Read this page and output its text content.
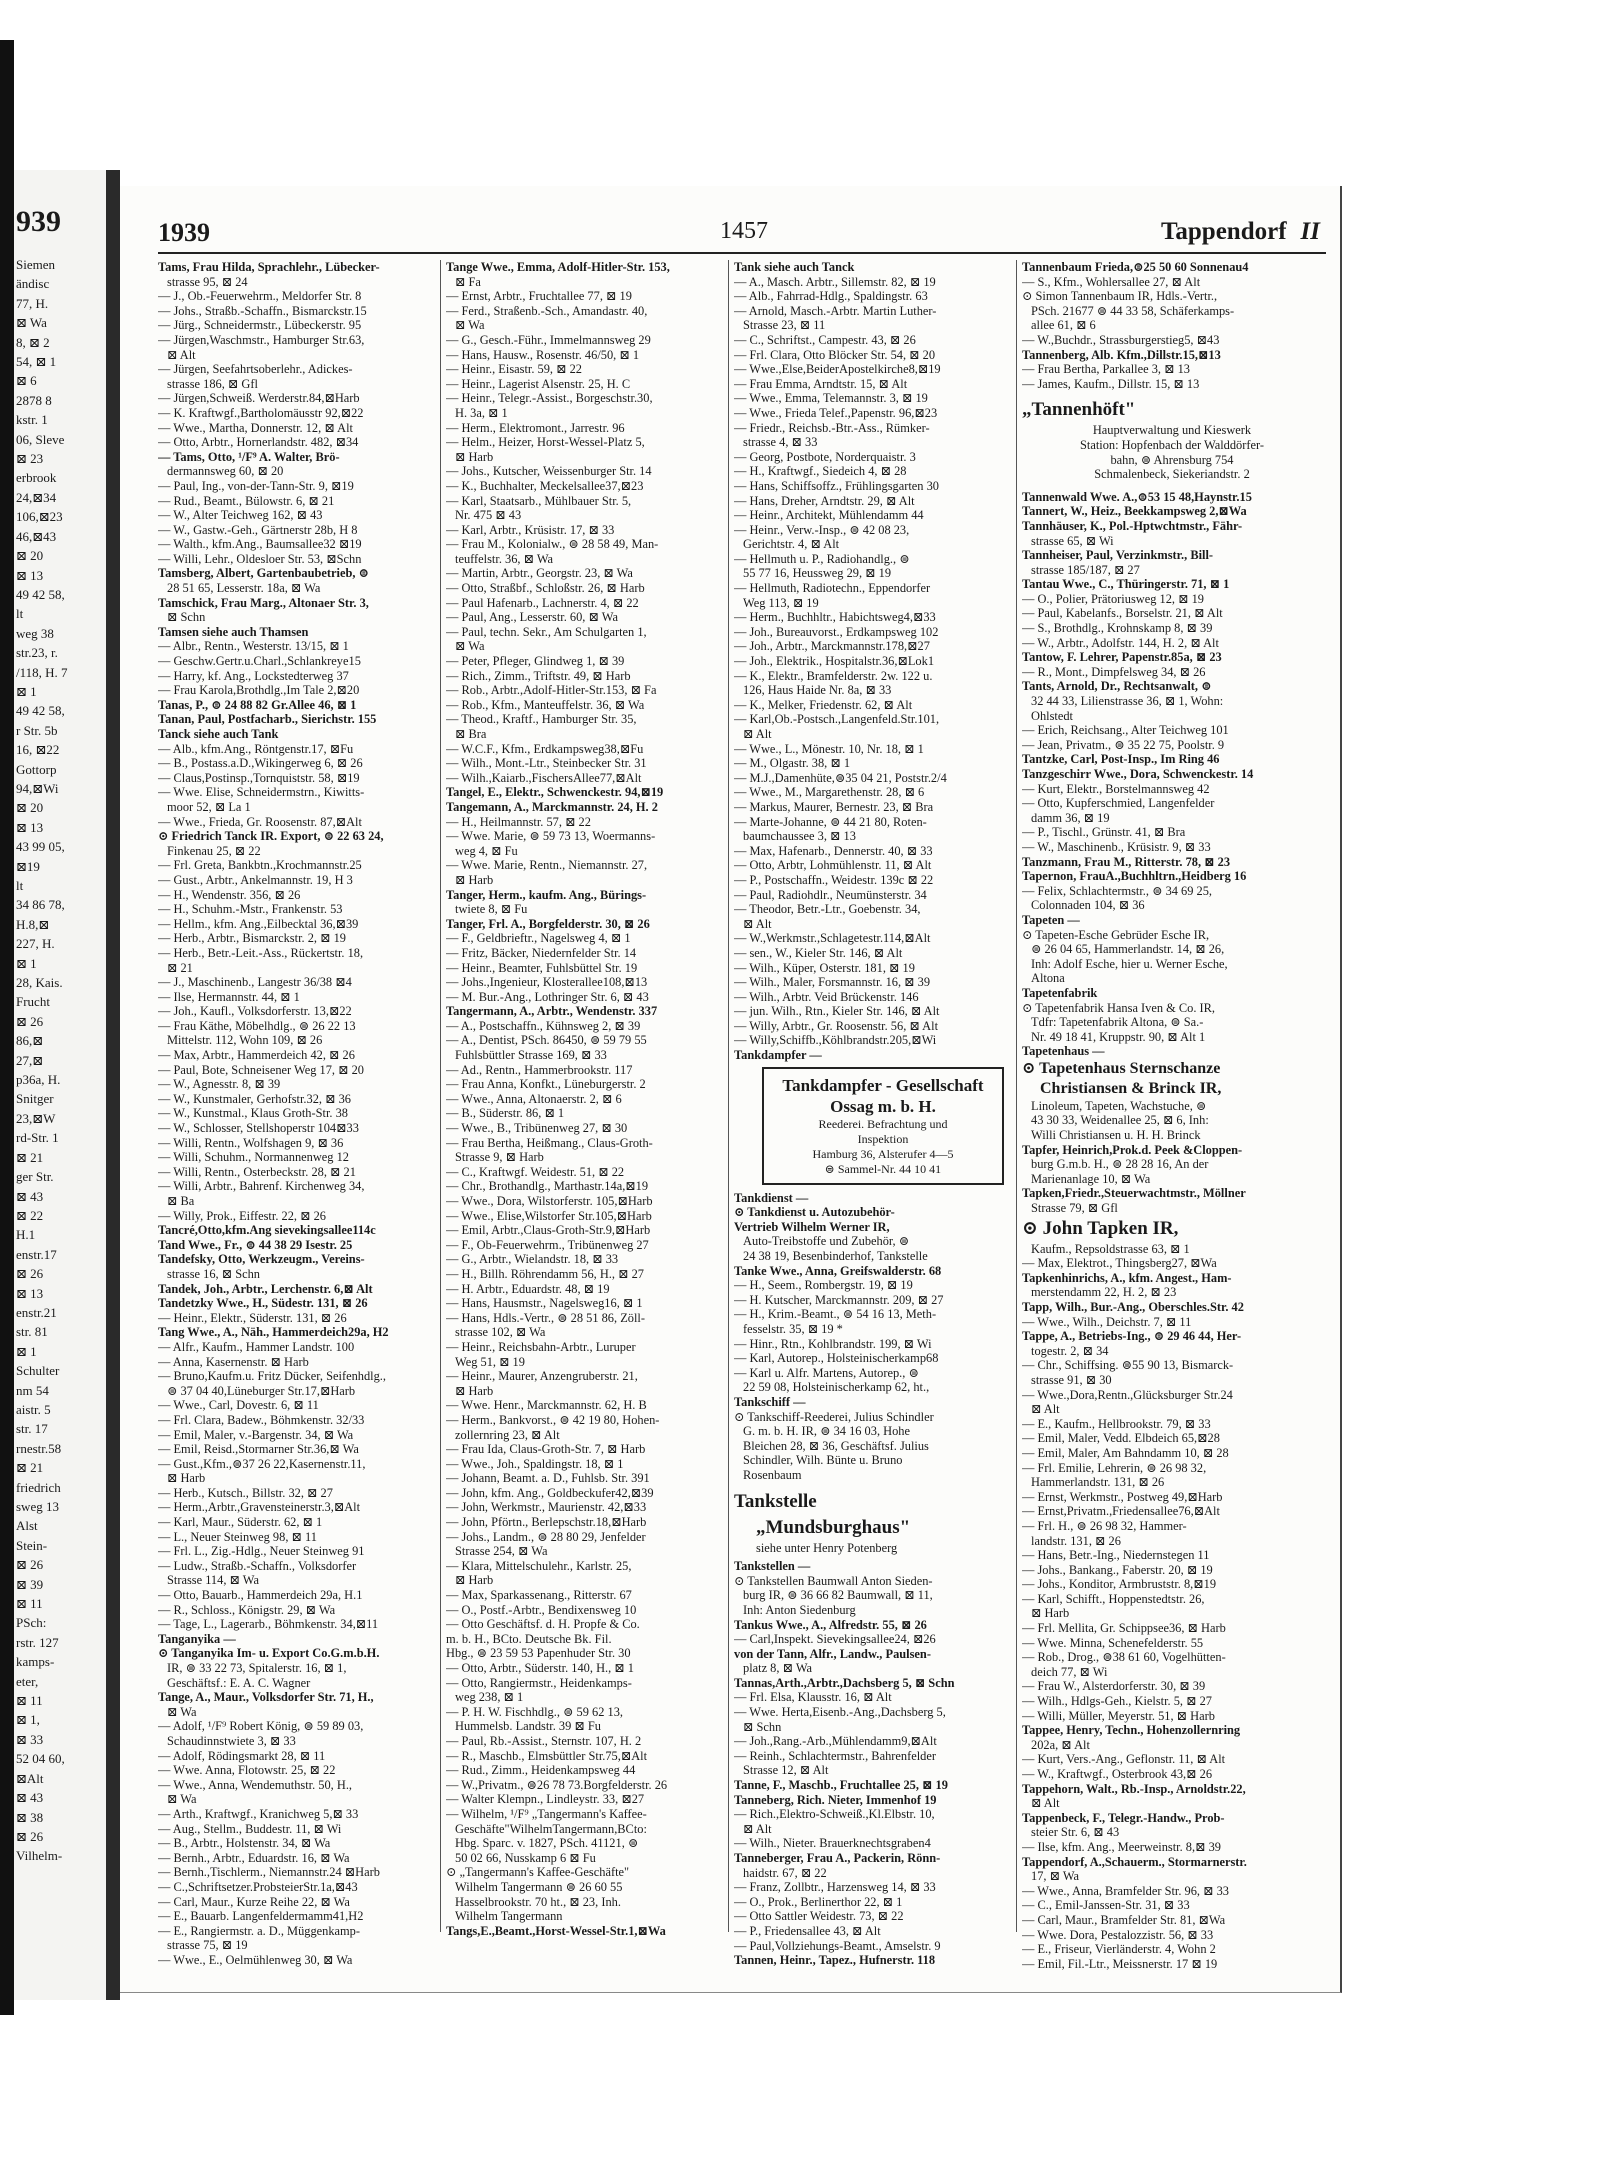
939
Siemen
ändisc
77, H.
⊠ Wa
8, ⊠ 2
54, ⊠ 1
⊠ 6
2878 8
kstr. 1
06, Sleve
⊠ 23
erbrook
24,⊠34
106,⊠23
46,⊠43
⊠ 20
⊠ 13
49 42 58,
lt
weg 38
str.23, r.
/118, H. 7
⊠ 1
49 42 58,
r Str. 5b
16, ⊠22
Gottorp
94,⊠Wi
⊠ 20
⊠ 13
43 99 05,
⊠19
lt
34 86 78,
H.8,⊠
227, H.
⊠ 1
28, Kais.
Frucht
⊠ 26
86,⊠
27,⊠
p36a, H.
Snitger
23,⊠W
rd-Str. 1
⊠ 21
ger Str.
⊠ 43
⊠ 22
H.1
enstr.17
⊠ 26
⊠ 13
enstr.21
str. 81
⊠ 1
Schulter
nm 54
aistr. 5
str. 17
rnestr.58
⊠ 21
friedrich
sweg 13
Alst
Stein-
⊠ 26
⊠ 39
⊠ 11
PSch:
rstr. 127
kamps-
eter,
⊠ 11
⊠ 1,
⊠ 33
52 04 60,
⊠Alt
⊠ 43
⊠ 38
⊠ 26
Vilhelm-
1939	1457	Tappendorf II
Tams, Frau Hilda, Sprachlehr., Lübecker-
strasse 95, ⊠ 24
— J., Ob.-Feuerwehrm., Meldorfer Str. 8
— Johs., Straßb.-Schaffn., Bismarckstr.15
— Jürg., Schneidermstr., Lübeckerstr. 95
— Jürgen,Waschmstr., Hamburger Str.63,
⊠ Alt
— Jürgen, Seefahrtsoberlehr., Adickes-
strasse 186, ⊠ Gfl
— Jürgen,Schweiß. Werderstr.84,⊠Harb
— K. Kraftwgf.,Bartholomäusstr 92,⊠22
— Wwe., Martha, Donnerstr. 12, ⊠ Alt
— Otto, Arbtr., Hornerlandstr. 482, ⊠34
— Tams, Otto, ¹/F⁹ A. Walter, Brö-
dermannsweg 60, ⊠ 20
— Paul, Ing., von-der-Tann-Str. 9, ⊠19
— Rud., Beamt., Bülowstr. 6, ⊠ 21
— W., Alter Teichweg 162, ⊠ 43
— W., Gastw.-Geh., Gärtnerstr 28b, H 8
— Walth., kfm.Ang., Baumsallee32 ⊠19
— Willi, Lehr., Oldesloer Str. 53, ⊠Schn
Tamsberg, Albert, Gartenbaubetrieb, ⊜
28 51 65, Lesserstr. 18a, ⊠ Wa
Tamschick, Frau Marg., Altonaer Str. 3,
⊠ Schn
Tamsen siehe auch Thamsen
— Albr., Rentn., Westerstr. 13/15, ⊠ 1
— Geschw.Gertr.u.Charl.,Schlankreye15
— Harry, kf. Ang., Lockstedterweg 37
— Frau Karola,Brothdlg.,Im Tale 2,⊠20
Tanas, P., ⊜ 24 88 82 Gr.Allee 46, ⊠ 1
Tanan, Paul, Postfacharb., Sierichstr. 155
Tanck siehe auch Tank
— Alb., kfm.Ang., Röntgenstr.17, ⊠Fu
— B., Postass.a.D.,Wikingerweg 6, ⊠ 26
— Claus,Postinsp.,Tornquiststr. 58, ⊠19
— Wwe. Elise, Schneidermstrn., Kiwitts-
moor 52, ⊠ La 1
— Wwe., Frieda, Gr. Roosenstr. 87,⊠Alt
⊙ Friedrich Tanck IR. Export, ⊜ 22 63 24,
Finkenau 25, ⊠ 22
— Frl. Greta, Bankbtn.,Krochmannstr.25
— Gust., Arbtr., Ankelmannstr. 19, H 3
— H., Wendenstr. 356, ⊠ 26
— H., Schuhm.-Mstr., Frankenstr. 53
— Hellm., kfm. Ang.,Eilbecktal 36,⊠39
— Herb., Arbtr., Bismarckstr. 2, ⊠ 19
— Herb., Betr.-Leit.-Ass., Rückertstr. 18,
⊠ 21
— J., Maschinenb., Langestr 36/38 ⊠4
— Ilse, Hermannstr. 44, ⊠ 1
— Joh., Kaufl., Volksdorferstr. 13,⊠22
— Frau Käthe, Möbelhdlg., ⊜ 26 22 13
Mittelstr. 112, Wohn 109, ⊠ 26
— Max, Arbtr., Hammerdeich 42, ⊠ 26
— Paul, Bote, Schneisener Weg 17, ⊠ 20
— W., Agnesstr. 8, ⊠ 39
— W., Kunstmaler, Gerhofstr.32, ⊠ 36
— W., Kunstmal., Klaus Groth-Str. 38
— W., Schlosser, Stellshoperstr 104⊠33
— Willi, Rentn., Wolfshagen 9, ⊠ 36
— Willi, Schuhm., Normannenweg 12
— Willi, Rentn., Osterbeckstr. 28, ⊠ 21
— Willi, Arbtr., Bahrenf. Kirchenweg 34,
⊠ Ba
— Willy, Prok., Eiffestr. 22, ⊠ 26
Tancré,Otto,kfm.Ang sievekingsallee114c
Tand Wwe., Fr., ⊜ 44 38 29 Isestr. 25
Tandefsky, Otto, Werkzeugm., Vereins-
strasse 16, ⊠ Schn
Tandek, Joh., Arbtr., Lerchenstr. 6,⊠ Alt
Tandetzky Wwe., H., Südestr. 131, ⊠ 26
— Heinr., Elektr., Süderstr. 131, ⊠ 26
Tang Wwe., A., Näh., Hammerdeich29a, H2
— Alfr., Kaufm., Hammer Landstr. 100
— Anna, Kasernenstr. ⊠ Harb
— Bruno,Kaufm.u. Fritz Dücker, Seifenhdlg.,
⊜ 37 04 40,Lüneburger Str.17,⊠Harb
— Wwe., Carl, Dovestr. 6, ⊠ 11
— Frl. Clara, Badew., Böhmkenstr. 32/33
— Emil, Maler, v.-Bargenstr. 34, ⊠ Wa
— Emil, Reisd.,Stormarner Str.36,⊠ Wa
— Gust.,Kfm.,⊜37 26 22,Kasernenstr.11,
⊠ Harb
— Herb., Kutsch., Billstr. 32, ⊠ 27
— Herm.,Arbtr.,Gravensteinerstr.3,⊠Alt
— Karl, Maur., Süderstr. 62, ⊠ 1
— L., Neuer Steinweg 98, ⊠ 11
— Frl. L., Zig.-Hdlg., Neuer Steinweg 91
— Ludw., Straßb.-Schaffn., Volksdorfer
Strasse 114, ⊠ Wa
— Otto, Bauarb., Hammerdeich 29a, H.1
— R., Schloss., Königstr. 29, ⊠ Wa
— Tage, L., Lagerarb., Böhmkenstr. 34,⊠11
Tanganyika —
⊙ Tanganyika Im- u. Export Co.G.m.b.H.
IR, ⊜ 33 22 73, Spitalerstr. 16, ⊠ 1,
Geschäftsf.: E. A. C. Wagner
Tange, A., Maur., Volksdorfer Str. 71, H.,
⊠ Wa
— Adolf, ¹/F⁹ Robert König, ⊜ 59 89 03,
Schaudinnstwiete 3, ⊠ 33
— Adolf, Rödingsmarkt 28, ⊠ 11
— Wwe. Anna, Flotowstr. 25, ⊠ 22
— Wwe., Anna, Wendemuthstr. 50, H.,
⊠ Wa
— Arth., Kraftwgf., Kranichweg 5,⊠ 33
— Aug., Stellm., Buddestr. 11, ⊠ Wi
— B., Arbtr., Holstenstr. 34, ⊠ Wa
— Bernh., Arbtr., Eduardstr. 16, ⊠ Wa
— Bernh.,Tischlerm., Niemannstr.24 ⊠Harb
— C.,Schriftsetzer.ProbsteierStr.1a,⊠43
— Carl, Maur., Kurze Reihe 22, ⊠ Wa
— E., Bauarb. Langenfeldermamm41,H2
— E., Rangiermstr. a. D., Müggenkamp-
strasse 75, ⊠ 19
— Wwe., E., Oelmühlenweg 30, ⊠ Wa
Tange Wwe., Emma, Adolf-Hitler-Str. 153,
⊠ Fa
— Ernst, Arbtr., Fruchtallee 77, ⊠ 19
— Ferd., Straßenb.-Sch., Amandastr. 40,
⊠ Wa
— G., Gesch.-Führ., Immelmannsweg 29
— Hans, Hausw., Rosenstr. 46/50, ⊠ 1
— Heinr., Eisastr. 59, ⊠ 22
— Heinr., Lagerist Alsenstr. 25, H. C
— Heinr., Telegr.-Assist., Borgeschstr.30,
H. 3a, ⊠ 1
— Herm., Elektromont., Jarrestr. 96
— Helm., Heizer, Horst-Wessel-Platz 5,
⊠ Harb
— Johs., Kutscher, Weissenburger Str. 14
— K., Buchhalter, Meckelsallee37,⊠23
— Karl, Staatsarb., Mühlbauer Str. 5,
Nr. 475 ⊠ 43
— Karl, Arbtr., Krüsistr. 17, ⊠ 33
— Frau M., Kolonialw., ⊜ 28 58 49, Man-
teuffelstr. 36, ⊠ Wa
— Martin, Arbtr., Georgstr. 23, ⊠ Wa
— Otto, Straßbf., Schloßstr. 26, ⊠ Harb
— Paul Hafenarb., Lachnerstr. 4, ⊠ 22
— Paul, Ang., Lesserstr. 60, ⊠ Wa
— Paul, techn. Sekr., Am Schulgarten 1,
⊠ Wa
— Peter, Pfleger, Glindweg 1, ⊠ 39
— Rich., Zimm., Triftstr. 49, ⊠ Harb
— Rob., Arbtr.,Adolf-Hitler-Str.153, ⊠ Fa
— Rob., Kfm., Manteuffelstr. 36, ⊠ Wa
— Theod., Kraftf., Hamburger Str. 35,
⊠ Bra
— W.C.F., Kfm., Erdkampsweg38,⊠Fu
— Wilh., Mont.-Ltr., Steinbecker Str. 31
— Wilh.,Kaiarb.,FischersAllee77,⊠Alt
Tangel, E., Elektr., Schwenckestr. 94,⊠19
Tangemann, A., Marckmannstr. 24, H. 2
— H., Heilmannstr. 57, ⊠ 22
— Wwe. Marie, ⊜ 59 73 13, Woermanns-
weg 4, ⊠ Fu
— Wwe. Marie, Rentn., Niemannstr. 27,
⊠ Harb
Tanger, Herm., kaufm. Ang., Bürings-
twiete 8, ⊠ Fu
Tanger, Frl. A., Borgfelderstr. 30, ⊠ 26
— F., Geldbrieftr., Nagelsweg 4, ⊠ 1
— Fritz, Bäcker, Niedernfelder Str. 14
— Heinr., Beamter, Fuhlsbüttel Str. 19
— Johs.,Ingenieur, Klosterallee108,⊠13
— M. Bur.-Ang., Lothringer Str. 6, ⊠ 43
Tangermann, A., Arbtr., Wendenstr. 337
— A., Postschaffn., Kühnsweg 2, ⊠ 39
— A., Dentist, PSch. 86450, ⊜ 59 79 55
Fuhlsbüttler Strasse 169, ⊠ 33
— Ad., Rentn., Hammerbrookstr. 117
— Frau Anna, Konfkt., Lüneburgerstr. 2
— Wwe., Anna, Altonaerstr. 2, ⊠ 6
— B., Süderstr. 86, ⊠ 1
— Wwe., B., Tribünenweg 27, ⊠ 30
— Frau Bertha, Heißmang., Claus-Groth-
Strasse 9, ⊠ Harb
— C., Kraftwgf. Weidestr. 51, ⊠ 22
— Chr., Brothandlg., Marthastr.14a,⊠19
— Wwe., Dora, Wilstorferstr. 105,⊠Harb
— Wwe., Elise,Wilstorfer Str.105,⊠Harb
— Emil, Arbtr.,Claus-Groth-Str.9,⊠Harb
— F., Ob-Feuerwehrm., Tribünenweg 27
— G., Arbtr., Wielandstr. 18, ⊠ 33
— H., Billh. Röhrendamm 56, H., ⊠ 27
— H. Arbtr., Eduardstr. 48, ⊠ 19
— Hans, Hausmstr., Nagelsweg16, ⊠ 1
— Hans, Hdls.-Vertr., ⊜ 28 51 86, Zöll-
strasse 102, ⊠ Wa
— Heinr., Reichsbahn-Arbtr., Luruper
Weg 51, ⊠ 19
— Heinr., Maurer, Anzengruberstr. 21,
⊠ Harb
— Wwe. Henr., Marckmannstr. 62, H. B
— Herm., Bankvorst., ⊜ 42 19 80, Hohen-
zollernring 23, ⊠ Alt
— Frau Ida, Claus-Groth-Str. 7, ⊠ Harb
— Wwe., Joh., Spaldingstr. 18, ⊠ 1
— Johann, Beamt. a. D., Fuhlsb. Str. 391
— John, kfm. Ang., Goldbeckufer42,⊠39
— John, Werkmstr., Maurienstr. 42,⊠33
— John, Pförtn., Berlepschstr.18,⊠Harb
— Johs., Landm., ⊜ 28 80 29, Jenfelder
Strasse 254, ⊠ Wa
— Klara, Mittelschulehr., Karlstr. 25,
⊠ Harb
— Max, Sparkassenang., Ritterstr. 67
— O., Postf.-Arbtr., Bendixensweg 10
— Otto Geschäftsf. d. H. Propfe & Co.
m. b. H., BCto. Deutsche Bk. Fil.
Hbg., ⊜ 23 59 53 Papenhuder Str. 30
— Otto, Arbtr., Süderstr. 140, H., ⊠ 1
— Otto, Rangiermstr., Heidenkamps-
weg 238, ⊠ 1
— P. H. W. Fischhdlg., ⊜ 59 62 13,
Hummelsb. Landstr. 39 ⊠ Fu
— Paul, Rb.-Assist., Sternstr. 107, H. 2
— R., Maschb., Elmsbüttler Str.75,⊠Alt
— Rud., Zimm., Heidenkampsweg 44
— W.,Privatm., ⊜26 78 73.Borgfelderstr. 26
— Walter Klempn., Lindleystr. 33, ⊠27
— Wilhelm, ¹/F⁹ „Tangermann's Kaffee-
Geschäfte"WilhelmTangermann,BCto:
Hbg. Sparc. v. 1827, PSch. 41121, ⊜
50 02 66, Nusskamp 6 ⊠ Fu
⊙ „Tangermann's Kaffee-Geschäfte"
Wilhelm Tangermann ⊜ 26 60 55
Hasselbrookstr. 70 ht., ⊠ 23, Inh.
Wilhelm Tangermann
Tangs,E.,Beamt.,Horst-Wessel-Str.1,⊠Wa
Tank siehe auch Tanck
— A., Masch. Arbtr., Sillemstr. 82, ⊠ 19
— Alb., Fahrrad-Hdlg., Spaldingstr. 63
— Arnold, Masch.-Arbtr. Martin Luther-
Strasse 23, ⊠ 11
— C., Schriftst., Campestr. 43, ⊠ 26
— Frl. Clara, Otto Blöcker Str. 54, ⊠ 20
— Wwe.,Else,BeiderApostelkirche8,⊠19
— Frau Emma, Arndtstr. 15, ⊠ Alt
— Wwe., Emma, Telemannstr. 3, ⊠ 19
— Wwe., Frieda Telef.,Papenstr. 96,⊠23
— Friedr., Reichsb.-Btr.-Ass., Rümker-
strasse 4, ⊠ 33
— Georg, Postbote, Norderquaistr. 3
— H., Kraftwgf., Siedeich 4, ⊠ 28
— Hans, Schiffsoffz., Frühlingsgarten 30
— Hans, Dreher, Arndtstr. 29, ⊠ Alt
— Heinr., Architekt, Mühlendamm 44
— Heinr., Verw.-Insp., ⊜ 42 08 23,
Gerichtstr. 4, ⊠ Alt
— Hellmuth u. P., Radiohandlg., ⊜
55 77 16, Heussweg 29, ⊠ 19
— Hellmuth, Radiotechn., Eppendorfer
Weg 113, ⊠ 19
— Herm., Buchhltr., Habichtsweg4,⊠33
— Joh., Bureauvorst., Erdkampsweg 102
— Joh., Arbtr., Marckmannstr.178,⊠27
— Joh., Elektrik., Hospitalstr.36,⊠Lok1
— K., Elektr., Bramfelderstr. 2w. 122 u.
126, Haus Haide Nr. 8a, ⊠ 33
— K., Melker, Friedenstr. 62, ⊠ Alt
— Karl,Ob.-Postsch.,Langenfeld.Str.101,
⊠ Alt
— Wwe., L., Mönestr. 10, Nr. 18, ⊠ 1
— M., Olgastr. 38, ⊠ 1
— M.J.,Damenhüte,⊜35 04 21, Poststr.2/4
— Wwe., M., Margarethenstr. 28, ⊠ 6
— Markus, Maurer, Bernestr. 23, ⊠ Bra
— Marte-Johanne, ⊜ 44 21 80, Roten-
baumchaussee 3, ⊠ 13
— Max, Hafenarb., Dennerstr. 40, ⊠ 33
— Otto, Arbtr, Lohmühlenstr. 11, ⊠ Alt
— P., Postschaffn., Weidestr. 139c ⊠ 22
— Paul, Radiohdlr., Neumünsterstr. 34
— Theodor, Betr.-Ltr., Goebenstr. 34,
⊠ Alt
— W.,Werkmstr.,Schlagetestr.114,⊠Alt
— sen., W., Kieler Str. 146, ⊠ Alt
— Wilh., Küper, Osterstr. 181, ⊠ 19
— Wilh., Maler, Forsmannstr. 16, ⊠ 39
— Wilh., Arbtr. Veid Brückenstr. 146
— jun. Wilh., Rtn., Kieler Str. 146, ⊠ Alt
— Willy, Arbtr., Gr. Roosenstr. 56, ⊠ Alt
— Willy,Schiffb.,Köhlbrandstr.205,⊠Wi
Tankdampfer —
Tankdampfer - Gesellschaft
Ossag m. b. H.
Reederei. Befrachtung und
Inspektion
Hamburg 36, Alsterufer 4—5
⊜ Sammel-Nr. 44 10 41
Tankdienst —
⊙ Tankdienst u. Autozubehör-
Vertrieb Wilhelm Werner IR,
Auto-Treibstoffe und Zubehör, ⊜
24 38 19, Besenbinderhof, Tankstelle
Tanke Wwe., Anna, Greifswalderstr. 68
— H., Seem., Rombergstr. 19, ⊠ 19
— H. Kutscher, Marckmannstr. 209, ⊠ 27
— H., Krim.-Beamt., ⊜ 54 16 13, Meth-
fesselstr. 35, ⊠ 19 *
— Hinr., Rtn., Kohlbrandstr. 199, ⊠ Wi
— Karl, Autorep., Holsteinischerkamp68
— Karl u. Alfr. Martens, Autorep., ⊜
22 59 08, Holsteinischerkamp 62, ht.,
Tankschiff —
⊙ Tankschiff-Reederei, Julius Schindler
G. m. b. H. IR, ⊜ 34 16 03, Hohe
Bleichen 28, ⊠ 36, Geschäftsf. Julius
Schindler, Wilh. Bünte u. Bruno
Rosenbaum
Tankstelle
„Mundsburghaus"
siehe unter Henry Potenberg
Tankstellen —
⊙ Tankstellen Baumwall Anton Sieden-
burg IR, ⊜ 36 66 82 Baumwall, ⊠ 11,
Inh: Anton Siedenburg
Tankus Wwe., A., Alfredstr. 55, ⊠ 26
— Carl,Inspekt. Sievekingsallee24, ⊠26
von der Tann, Alfr., Landw., Paulsen-
platz 8, ⊠ Wa
Tannas,Arth.,Arbtr.,Dachsberg 5, ⊠ Schn
— Frl. Elsa, Klausstr. 16, ⊠ Alt
— Wwe. Herta,Eisenb.-Ang.,Dachsberg 5,
⊠ Schn
— Joh.,Rang.-Arb.,Mühlendamm9,⊠Alt
— Reinh., Schlachtermstr., Bahrenfelder
Strasse 12, ⊠ Alt
Tanne, F., Maschb., Fruchtallee 25, ⊠ 19
Tanneberg, Rich. Nieter, Immenhof 19
— Rich.,Elektro-Schweiß.,Kl.Elbstr. 10,
⊠ Alt
— Wilh., Nieter. Brauerknechtsgraben4
Tanneberger, Frau A., Packerin, Rönn-
haidstr. 67, ⊠ 22
— Franz, Zollbtr., Harzensweg 14, ⊠ 33
— O., Prok., Berlinerthor 22, ⊠ 1
— Otto Sattler Weidestr. 73, ⊠ 22
— P., Friedensallee 43, ⊠ Alt
— Paul,Vollziehungs-Beamt., Amselstr. 9
Tannen, Heinr., Tapez., Hufnerstr. 118
Tannenbaum Frieda,⊜25 50 60 Sonnenau4
— S., Kfm., Wohlersallee 27, ⊠ Alt
⊙ Simon Tannenbaum IR, Hdls.-Vertr.,
PSch. 21677 ⊜ 44 33 58, Schäferkamps-
allee 61, ⊠ 6
— W.,Buchdr., Strassburgerstieg5, ⊠43
Tannenberg, Alb. Kfm.,Dillstr.15,⊠13
— Frau Bertha, Parkallee 3, ⊠ 13
— James, Kaufm., Dillstr. 15, ⊠ 13
„Tannenhöft"
Hauptverwaltung und Kieswerk
Station: Hopfenbach der Walddörfer-
bahn, ⊜ Ahrensburg 754
Schmalenbeck, Siekeriandstr. 2
Tannenwald Wwe. A.,⊜53 15 48,Haynstr.15
Tannert, W., Heiz., Beekkampsweg 2,⊠Wa
Tannhäuser, K., Pol.-Hptwchtmstr., Fähr-
strasse 65, ⊠ Wi
Tannheiser, Paul, Verzinkmstr., Bill-
strasse 185/187, ⊠ 27
Tantau Wwe., C., Thüringerstr. 71, ⊠ 1
— O., Polier, Prätoriusweg 12, ⊠ 19
— Paul, Kabelanfs., Borselstr. 21, ⊠ Alt
— S., Brothdlg., Krohnskamp 8, ⊠ 39
— W., Arbtr., Adolfstr. 144, H. 2, ⊠ Alt
Tantow, F. Lehrer, Papenstr.85a, ⊠ 23
— R., Mont., Dimpfelsweg 34, ⊠ 26
Tants, Arnold, Dr., Rechtsanwalt, ⊜
32 44 33, Lilienstrasse 36, ⊠ 1, Wohn:
Ohlstedt
— Erich, Reichsang., Alter Teichweg 101
— Jean, Privatm., ⊜ 35 22 75, Poolstr. 9
Tantzke, Carl, Post-Insp., Im Ring 46
Tanzgeschirr Wwe., Dora, Schwenckestr. 14
— Kurt, Elektr., Borstelmannsweg 42
— Otto, Kupferschmied, Langenfelder
damm 36, ⊠ 19
— P., Tischl., Grünstr. 41, ⊠ Bra
— W., Maschinenb., Krüsistr. 9, ⊠ 33
Tanzmann, Frau M., Ritterstr. 78, ⊠ 23
Tapernon, FrauA.,Buchhltrn.,Heidberg 16
— Felix, Schlachtermstr., ⊜ 34 69 25,
Colonnaden 104, ⊠ 36
Tapeten —
⊙ Tapeten-Esche Gebrüder Esche IR,
⊜ 26 04 65, Hammerlandstr. 14, ⊠ 26,
Inh: Adolf Esche, hier u. Werner Esche,
Altona
Tapetenfabrik
⊙ Tapetenfabrik Hansa Iven & Co. IR,
Tdfr: Tapetenfabrik Altona, ⊜ Sa.-
Nr. 49 18 41, Kruppstr. 90, ⊠ Alt 1
Tapetenhaus —
⊙ Tapetenhaus Sternschanze
Christiansen & Brinck IR,
Linoleum, Tapeten, Wachstuche, ⊜
43 30 33, Weidenallee 25, ⊠ 6, Inh:
Willi Christiansen u. H. H. Brinck
Tapfer, Heinrich,Prok.d. Peek &Cloppen-
burg G.m.b. H., ⊜ 28 28 16, An der
Marienanlage 10, ⊠ Wa
Tapken,Friedr.,Steuerwachtmstr., Möllner
Strasse 79, ⊠ Gfl
⊙ John Tapken IR,
Kaufm., Repsoldstrasse 63, ⊠ 1
— Max, Elektrot., Thingsberg27, ⊠Wa
Tapkenhinrichs, A., kfm. Angest., Ham-
merstendamm 22, H. 2, ⊠ 23
Tapp, Wilh., Bur.-Ang., Oberschles.Str. 42
— Wwe., Wilh., Deichstr. 7, ⊠ 11
Tappe, A., Betriebs-Ing., ⊜ 29 46 44, Her-
togestr. 2, ⊠ 34
— Chr., Schiffsing. ⊜55 90 13, Bismarck-
strasse 91, ⊠ 30
— Wwe.,Dora,Rentn.,Glücksburger Str.24
⊠ Alt
— E., Kaufm., Hellbrookstr. 79, ⊠ 33
— Emil, Maler, Vedd. Elbdeich 65,⊠28
— Emil, Maler, Am Bahndamm 10, ⊠ 28
— Frl. Emilie, Lehrerin, ⊜ 26 98 32,
Hammerlandstr. 131, ⊠ 26
— Ernst, Werkmstr., Postweg 49,⊠Harb
— Ernst,Privatm.,Friedensallee76,⊠Alt
— Frl. H., ⊜ 26 98 32, Hammer-
landstr. 131, ⊠ 26
— Hans, Betr.-Ing., Niedernstegen 11
— Johs., Bankang., Faberstr. 20, ⊠ 19
— Johs., Konditor, Armbruststr. 8,⊠19
— Karl, Schifft., Hoppenstedtstr. 26,
⊠ Harb
— Frl. Mellita, Gr. Schippsee36, ⊠ Harb
— Wwe. Minna, Schenefelderstr. 55
— Rob., Drog., ⊜38 61 60, Vogelhütten-
deich 77, ⊠ Wi
— Frau W., Alsterdorferstr. 30, ⊠ 39
— Wilh., Hdlgs-Geh., Kielstr. 5, ⊠ 27
— Willi, Müller, Meyerstr. 51, ⊠ Harb
Tappee, Henry, Techn., Hohenzollernring
202a, ⊠ Alt
— Kurt, Vers.-Ang., Geflonstr. 11, ⊠ Alt
— W., Kraftwgf., Osterbrook 43,⊠ 26
Tappehorn, Walt., Rb.-Insp., Arnoldstr.22,
⊠ Alt
Tappenbeck, F., Telegr.-Handw., Prob-
steier Str. 6, ⊠ 43
— Ilse, kfm. Ang., Meerweinstr. 8,⊠ 39
Tappendorf, A.,Schauerm., Stormarnerstr.
17, ⊠ Wa
— Wwe., Anna, Bramfelder Str. 96, ⊠ 33
— C., Emil-Janssen-Str. 31, ⊠ 33
— Carl, Maur., Bramfelder Str. 81, ⊠Wa
— Wwe. Dora, Pestalozzistr. 56, ⊠ 33
— E., Friseur, Vierländerstr. 4, Wohn 2
— Emil, Fil.-Ltr., Meissnerstr. 17 ⊠ 19
